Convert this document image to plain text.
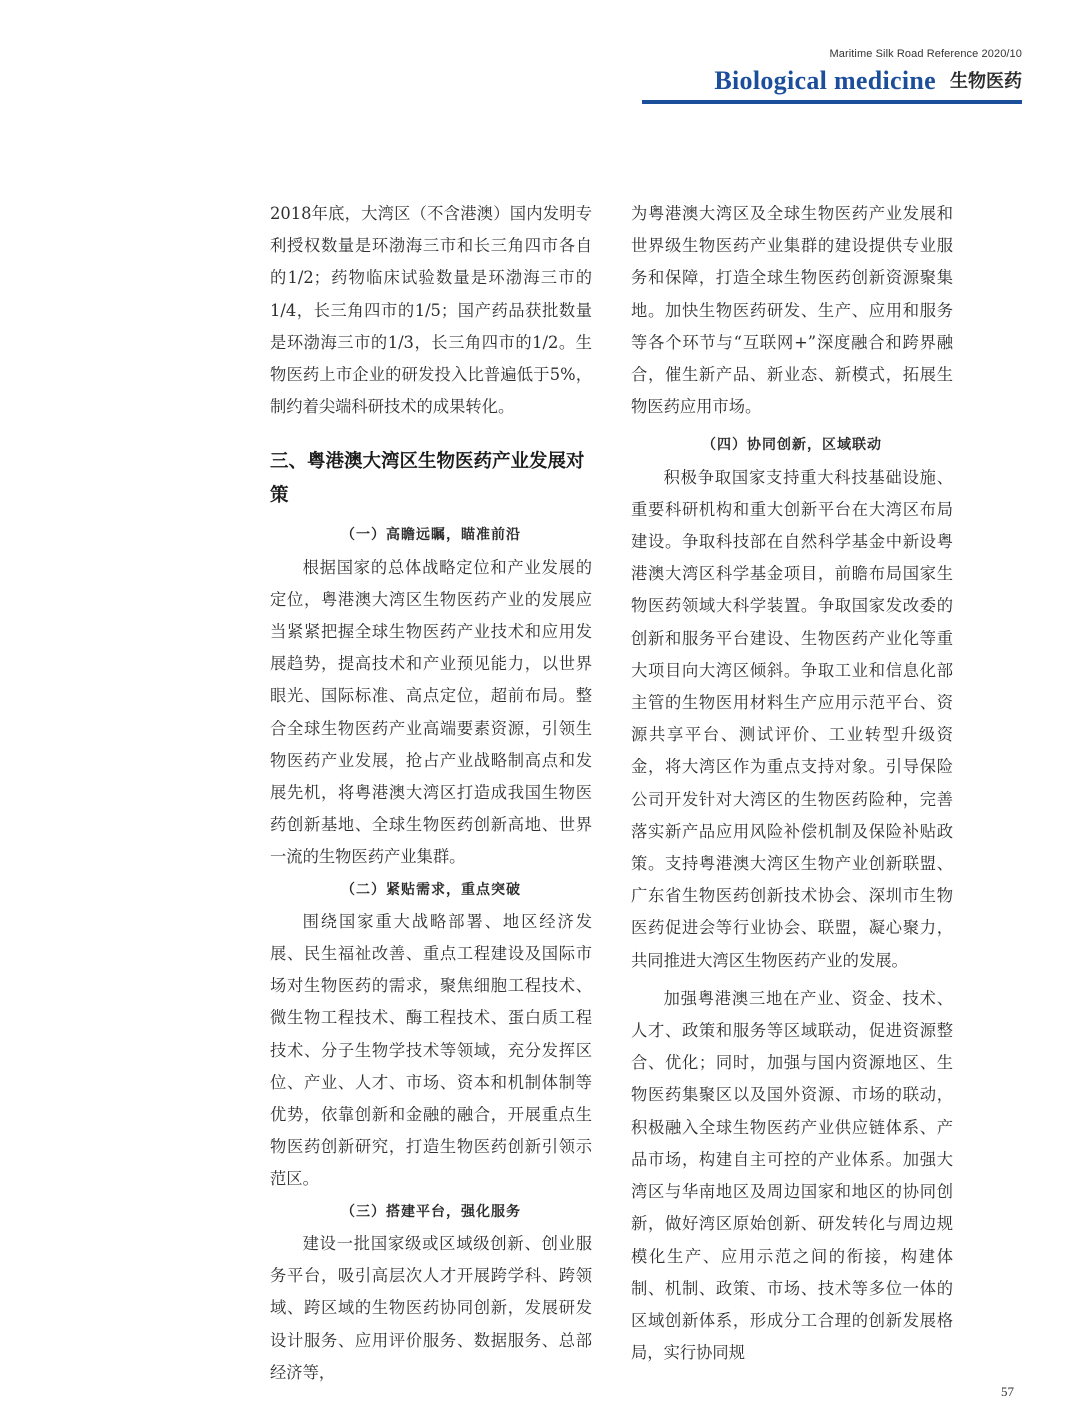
Maritime Silk Road Reference 2020/10
Biological medicine 生物医药

2018年底，大湾区（不含港澳）国内发明专利授权数量是环渤海三市和长三角四市各自的1/2；药物临床试验数量是环渤海三市的1/4，长三角四市的1/5；国产药品获批数量是环渤海三市的1/3，长三角四市的1/2。生物医药上市企业的研发投入比普遍低于5%，制约着尖端科研技术的成果转化。

三、粤港澳大湾区生物医药产业发展对策
（一）高瞻远瞩，瞄准前沿

根据国家的总体战略定位和产业发展的定位，粤港澳大湾区生物医药产业的发展应当紧紧把握全球生物医药产业技术和应用发展趋势，提高技术和产业预见能力，以世界眼光、国际标准、高点定位，超前布局。整合全球生物医药产业高端要素资源，引领生物医药产业发展，抢占产业战略制高点和发展先机，将粤港澳大湾区打造成我国生物医药创新基地、全球生物医药创新高地、世界一流的生物医药产业集群。

（二）紧贴需求，重点突破

围绕国家重大战略部署、地区经济发展、民生福祉改善、重点工程建设及国际市场对生物医药的需求，聚焦细胞工程技术、微生物工程技术、酶工程技术、蛋白质工程技术、分子生物学技术等领域，充分发挥区位、产业、人才、市场、资本和机制体制等优势，依靠创新和金融的融合，开展重点生物医药创新研究，打造生物医药创新引领示范区。

（三）搭建平台，强化服务

建设一批国家级或区域级创新、创业服务平台，吸引高层次人才开展跨学科、跨领域、跨区域的生物医药协同创新，发展研发设计服务、应用评价服务、数据服务、总部经济等，

为粤港澳大湾区及全球生物医药产业发展和世界级生物医药产业集群的建设提供专业服务和保障，打造全球生物医药创新资源聚集地。加快生物医药研发、生产、应用和服务等各个环节与“互联网+”深度融合和跨界融合，催生新产品、新业态、新模式，拓展生物医药应用市场。

（四）协同创新，区域联动

积极争取国家支持重大科技基础设施、重要科研机构和重大创新平台在大湾区布局建设。争取科技部在自然科学基金中新设粤港澳大湾区科学基金项目，前瞻布局国家生物医药领域大科学装置。争取国家发改委的创新和服务平台建设、生物医药产业化等重大项目向大湾区倾斜。争取工业和信息化部主管的生物医用材料生产应用示范平台、资源共享平台、测试评价、工业转型升级资金，将大湾区作为重点支持对象。引导保险公司开发针对大湾区的生物医药险种，完善落实新产品应用风险补偿机制及保险补贴政策。支持粤港澳大湾区生物产业创新联盟、广东省生物医药创新技术协会、深圳市生物医药促进会等行业协会、联盟，凝心聚力，共同推进大湾区生物医药产业的发展。

加强粤港澳三地在产业、资金、技术、人才、政策和服务等区域联动，促进资源整合、优化；同时，加强与国内资源地区、生物医药集聚区以及国外资源、市场的联动，积极融入全球生物医药产业供应链体系、产品市场，构建自主可控的产业体系。加强大湾区与华南地区及周边国家和地区的协同创新，做好湾区原始创新、研发转化与周边规模化生产、应用示范之间的衔接，构建体制、机制、政策、市场、技术等多位一体的区域创新体系，形成分工合理的创新发展格局，实行协同规

57
